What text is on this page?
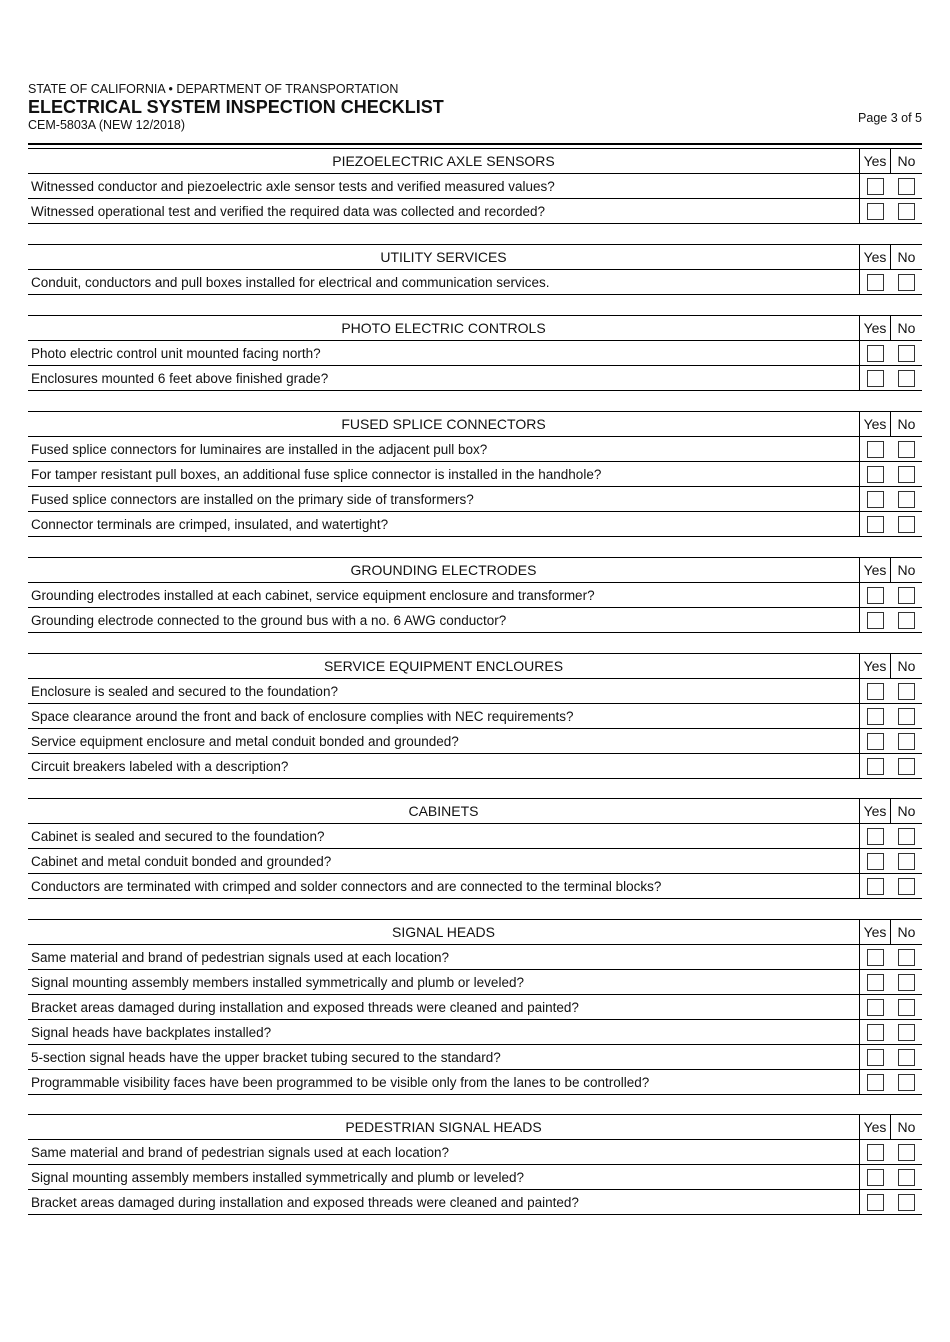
STATE OF CALIFORNIA • DEPARTMENT OF TRANSPORTATION
ELECTRICAL SYSTEM INSPECTION CHECKLIST
CEM-5803A (NEW 12/2018)	Page 3 of 5
PIEZOELECTRIC AXLE SENSORS	Yes No
Witnessed conductor and piezoelectric axle sensor tests and verified measured values?
Witnessed operational test and verified the required data was collected and recorded?
UTILITY SERVICES	Yes No
Conduit, conductors and pull boxes installed for electrical and communication services.
PHOTO ELECTRIC CONTROLS	Yes No
Photo electric control unit mounted facing north?
Enclosures mounted 6 feet above finished grade?
FUSED SPLICE CONNECTORS	Yes No
Fused splice connectors for luminaires are installed in the adjacent pull box?
For tamper resistant pull boxes, an additional fuse splice connector is installed in the handhole?
Fused splice connectors are installed on the primary side of transformers?
Connector terminals are crimped, insulated, and watertight?
GROUNDING ELECTRODES	Yes No
Grounding electrodes installed at each cabinet, service equipment enclosure and transformer?
Grounding electrode connected to the ground bus with a no. 6 AWG conductor?
SERVICE EQUIPMENT ENCLOURES	Yes No
Enclosure is sealed and secured to the foundation?
Space clearance around the front and back of enclosure complies with NEC requirements?
Service equipment enclosure and metal conduit bonded and grounded?
Circuit breakers labeled with a description?
CABINETS	Yes No
Cabinet is sealed and secured to the foundation?
Cabinet and metal conduit bonded and grounded?
Conductors are terminated with crimped and solder connectors and are connected to the terminal blocks?
SIGNAL HEADS	Yes No
Same material and brand of pedestrian signals used at each location?
Signal mounting assembly members installed symmetrically and plumb or leveled?
Bracket areas damaged during installation and exposed threads were cleaned and painted?
Signal heads have backplates installed?
5-section signal heads have the upper bracket tubing secured to the standard?
Programmable visibility faces have been programmed to be visible only from the lanes to be controlled?
PEDESTRIAN SIGNAL HEADS	Yes No
Same material and brand of pedestrian signals used at each location?
Signal mounting assembly members installed symmetrically and plumb or leveled?
Bracket areas damaged during installation and exposed threads were cleaned and painted?
